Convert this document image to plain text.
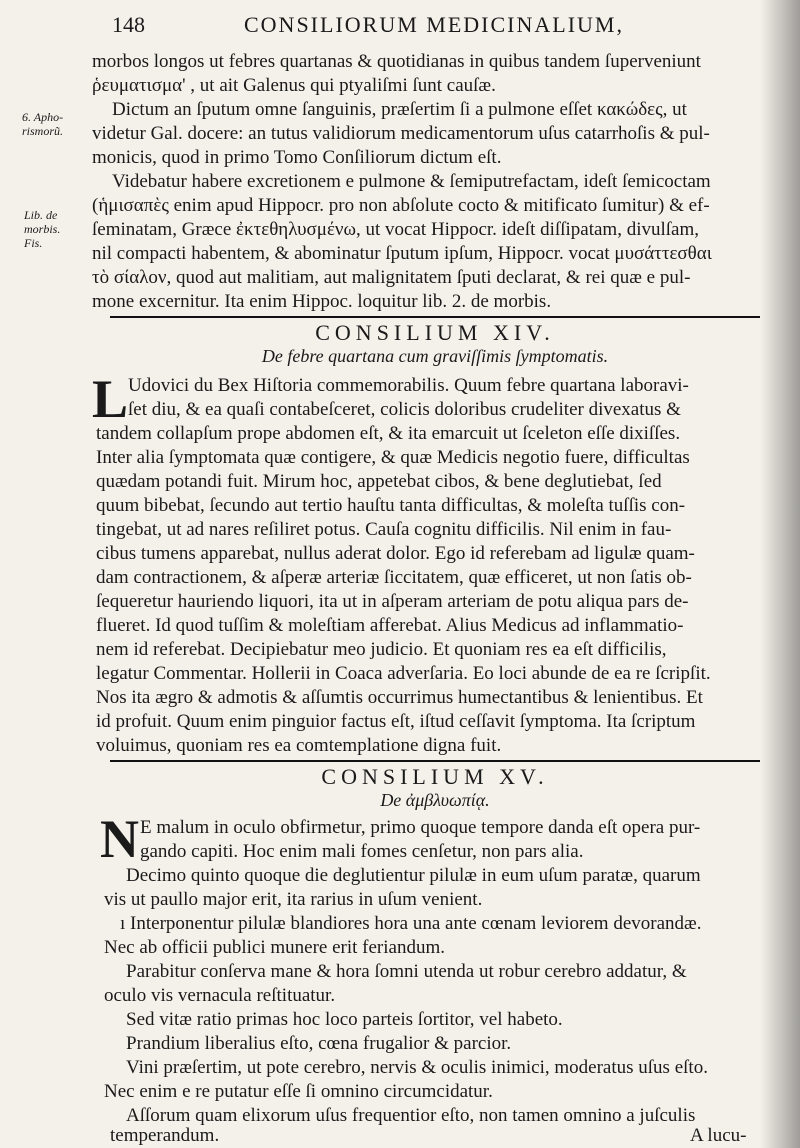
148	CONSILIORUM MEDICINALIUM,
6. Apho-
rismorũ.
Lib. de
morbis.
Fis.
morbos longos ut febres quartanas & quotidianas in quibus tandem ſuperveniunt
ῥευματισμα' , ut ait Galenus qui ptyaliſmi ſunt cauſæ.
Dictum an ſputum omne ſanguinis, præſertim ſi a pulmone eſſet κακώδες, ut
videtur Gal. docere: an tutus validiorum medicamentorum uſus catarrhoſis & pul-
monicis, quod in primo Tomo Conſiliorum dictum eſt.
Videbatur habere excretionem e pulmone & ſemiputrefactam, ideſt ſemicoctam
(ἡμισαπὲς enim apud Hippocr. pro non abſolute cocto & mitificato ſumitur) & ef-
ſeminatam, Græce ἐκτεθηλυσμένω, ut vocat Hippocr. ideſt diſſipatam, divulſam,
nil compacti habentem, & abominatur ſputum ipſum, Hippocr. vocat μυσάττεσθαι
τὸ σίαλον, quod aut malitiam, aut malignitatem ſputi declarat, & rei quæ e pul-
mone excernitur. Ita enim Hippoc. loquitur lib. 2. de morbis.
CONSILIUM XIV.
De febre quartana cum graviſſimis ſymptomatis.
L Udovici du Bex Hiſtoria commemorabilis. Quum febre quartana laboravi-
ſet diu, & ea quaſi contabeſceret, colicis doloribus crudeliter divexatus &
tandem collapſum prope abdomen eſt, & ita emarcuit ut ſceleton eſſe dixiſſes.
Inter alia ſymptomata quæ contigere, & quæ Medicis negotio fuere, difficultas
quædam potandi fuit. Mirum hoc, appetebat cibos, & bene deglutiebat, ſed
quum bibebat, ſecundo aut tertio hauſtu tanta difficultas, & moleſta tuſſis con-
tingebat, ut ad nares reſiliret potus. Cauſa cognitu difficilis. Nil enim in fau-
cibus tumens apparebat, nullus aderat dolor. Ego id referebam ad ligulæ quam-
dam contractionem, & aſperæ arteriæ ſiccitatem, quæ efficeret, ut non ſatis ob-
ſequeretur hauriendo liquori, ita ut in aſperam arteriam de potu aliqua pars de-
flueret. Id quod tuſſim & moleſtiam afferebat. Alius Medicus ad inflammatio-
nem id referebat. Decipiebatur meo judicio. Et quoniam res ea eſt difficilis,
legatur Commentar. Hollerii in Coaca adverſaria. Eo loci abunde de ea re ſcripſit.
Nos ita ægro & admotis & aſſumtis occurrimus humectantibus & lenientibus. Et
id profuit. Quum enim pinguior factus eſt, iſtud ceſſavit ſymptoma. Ita ſcriptum
voluimus, quoniam res ea comtemplatione digna fuit.
CONSILIUM XV.
De ἀμβλυωπίᾳ.
N E malum in oculo obfirmetur, primo quoque tempore danda eſt opera pur-
gando capiti. Hoc enim mali fomes cenſetur, non pars alia.
Decimo quinto quoque die deglutientur pilulæ in eum uſum paratæ, quarum
vis ut paullo major erit, ita rarius in uſum venient.
ı Interponentur pilulæ blandiores hora una ante cœnam leviorem devorandæ.
Nec ab officii publici munere erit feriandum.
Parabitur conſerva mane & hora ſomni utenda ut robur cerebro addatur, &
oculo vis vernacula reſtituatur.
Sed vitæ ratio primas hoc loco parteis ſortitor, vel habeto.
Prandium liberalius eſto, cœna frugalior & parcior.
Vini præſertim, ut pote cerebro, nervis & oculis inimici, moderatus uſus eſto.
Nec enim e re putatur eſſe ſi omnino circumcidatur.
Aſſorum quam elixorum uſus frequentior eſto, non tamen omnino a juſculis
temperandum.	A lucu-
